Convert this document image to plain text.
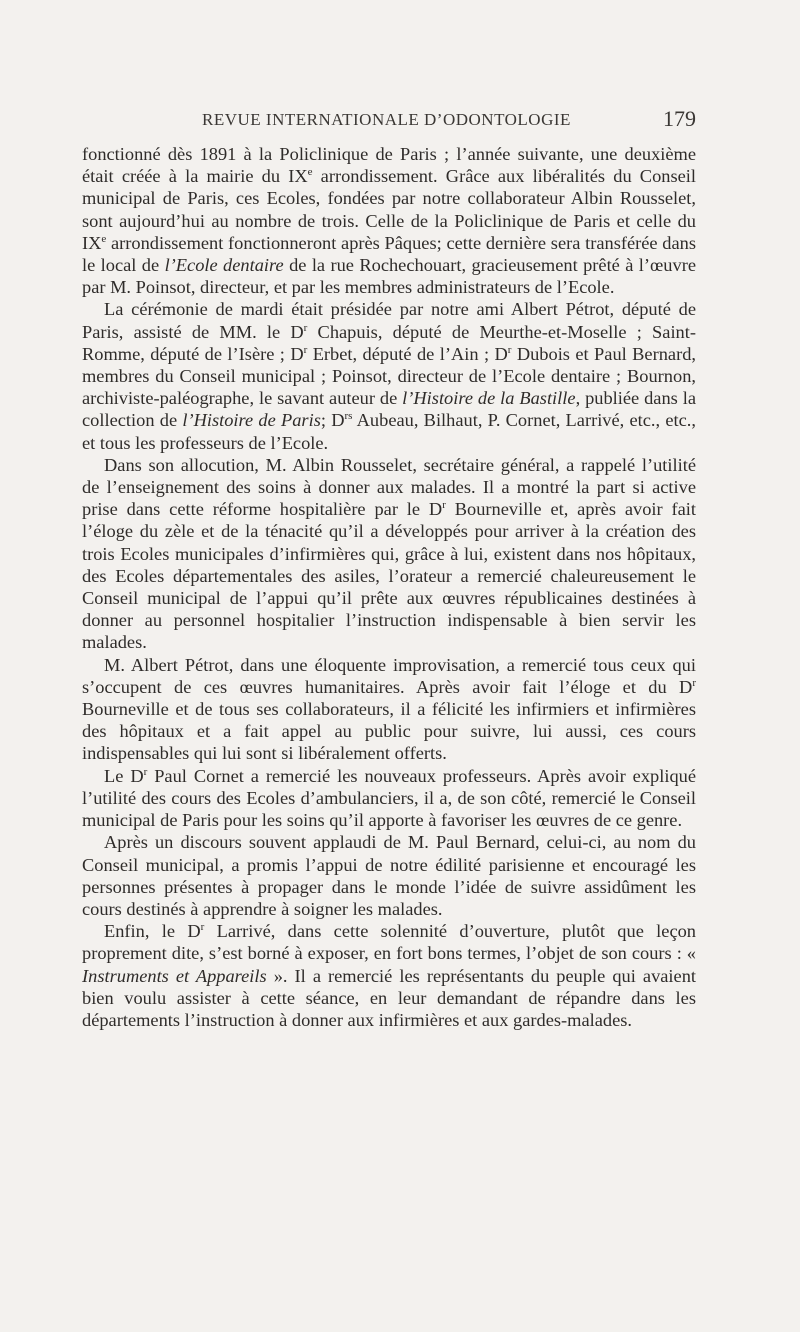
REVUE INTERNATIONALE D’ODONTOLOGIE	179

fonctionné dès 1891 à la Policlinique de Paris ; l’année suivante, une deuxième était créée à la mairie du IXe arrondissement. Grâce aux libéralités du Conseil municipal de Paris, ces Ecoles, fondées par notre collaborateur Albin Rousselet, sont aujourd’hui au nombre de trois. Celle de la Policlinique de Paris et celle du IXe arrondissement fonctionneront après Pâques; cette dernière sera transférée dans le local de l’Ecole dentaire de la rue Rochechouart, gracieusement prêté à l’œuvre par M. Poinsot, directeur, et par les membres administrateurs de l’Ecole.

La cérémonie de mardi était présidée par notre ami Albert Pétrot, député de Paris, assisté de MM. le $D^r$ Chapuis, député de Meurthe-et-Moselle ; Saint-Romme, député de l’Isère ; $D^r$ Erbet, député de l’Ain ; $D^r$ Dubois et Paul Bernard, membres du Conseil municipal ; Poinsot, directeur de l’Ecole dentaire ; Bournon, archiviste-paléographe, le savant auteur de l’Histoire de la Bastille, publiée dans la collection de l’Histoire de Paris; $D^{rs}$ Aubeau, Bilhaut, P. Cornet, Larrivé, etc., etc., et tous les professeurs de l’Ecole.

Dans son allocution, M. Albin Rousselet, secrétaire général, a rappelé l’utilité de l’enseignement des soins à donner aux malades. Il a montré la part si active prise dans cette réforme hospitalière par le $D^r$ Bourneville et, après avoir fait l’éloge du zèle et de la ténacité qu’il a développés pour arriver à la création des trois Ecoles municipales d’infirmières qui, grâce à lui, existent dans nos hôpitaux, des Ecoles départementales des asiles, l’orateur a remercié chaleureusement le Conseil municipal de l’appui qu’il prête aux œuvres républicaines destinées à donner au personnel hospitalier l’instruction indispensable à bien servir les malades.

M. Albert Pétrot, dans une éloquente improvisation, a remercié tous ceux qui s’occupent de ces œuvres humanitaires. Après avoir fait l’éloge et du $D^r$ Bourneville et de tous ses collaborateurs, il a félicité les infirmiers et infirmières des hôpitaux et a fait appel au public pour suivre, lui aussi, ces cours indispensables qui lui sont si libéralement offerts.

Le $D^r$ Paul Cornet a remercié les nouveaux professeurs. Après avoir expliqué l’utilité des cours des Ecoles d’ambulanciers, il a, de son côté, remercié le Conseil municipal de Paris pour les soins qu’il apporte à favoriser les œuvres de ce genre.

Après un discours souvent applaudi de M. Paul Bernard, celui-ci, au nom du Conseil municipal, a promis l’appui de notre édilité parisienne et encouragé les personnes présentes à propager dans le monde l’idée de suivre assidûment les cours destinés à apprendre à soigner les malades.

Enfin, le $D^r$ Larrivé, dans cette solennité d’ouverture, plutôt que leçon proprement dite, s’est borné à exposer, en fort bons termes, l’objet de son cours : « Instruments et Appareils ». Il a remercié les représentants du peuple qui avaient bien voulu assister à cette séance, en leur demandant de répandre dans les départements l’instruction à donner aux infirmières et aux gardes-malades.
